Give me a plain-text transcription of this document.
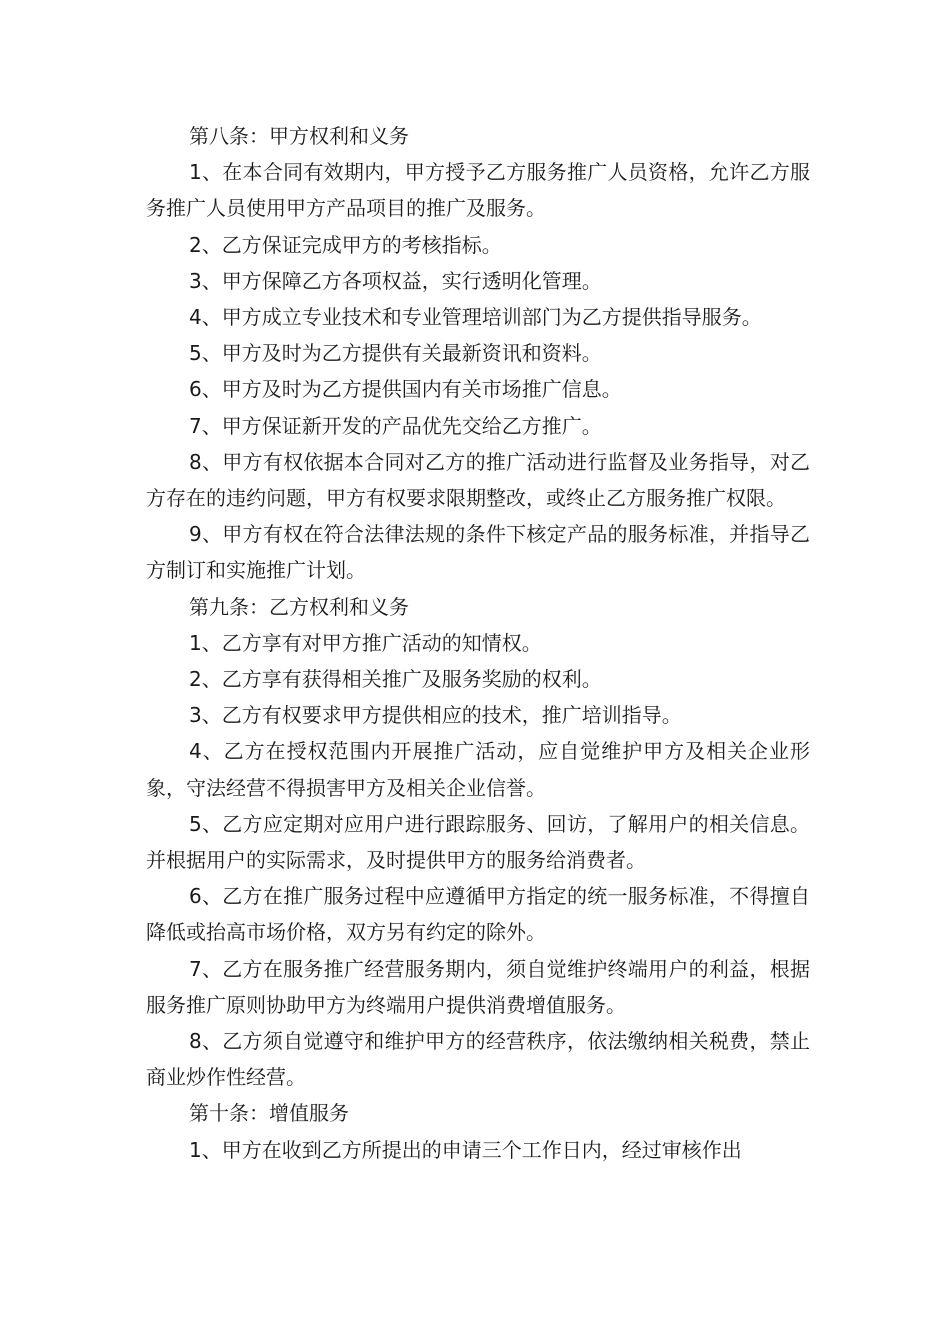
第八条：甲方权利和义务

1、在本合同有效期内，甲方授予乙方服务推广人员资格，允许乙方服务推广人员使用甲方产品项目的推广及服务。

2、乙方保证完成甲方的考核指标。

3、甲方保障乙方各项权益，实行透明化管理。

4、甲方成立专业技术和专业管理培训部门为乙方提供指导服务。

5、甲方及时为乙方提供有关最新资讯和资料。

6、甲方及时为乙方提供国内有关市场推广信息。

7、甲方保证新开发的产品优先交给乙方推广。

8、甲方有权依据本合同对乙方的推广活动进行监督及业务指导，对乙方存在的违约问题，甲方有权要求限期整改，或终止乙方服务推广权限。

9、甲方有权在符合法律法规的条件下核定产品的服务标准，并指导乙方制订和实施推广计划。

第九条：乙方权利和义务

1、乙方享有对甲方推广活动的知情权。

2、乙方享有获得相关推广及服务奖励的权利。

3、乙方有权要求甲方提供相应的技术，推广培训指导。

4、乙方在授权范围内开展推广活动，应自觉维护甲方及相关企业形象，守法经营不得损害甲方及相关企业信誉。

5、乙方应定期对应用户进行跟踪服务、回访，了解用户的相关信息。并根据用户的实际需求，及时提供甲方的服务给消费者。

6、乙方在推广服务过程中应遵循甲方指定的统一服务标准，不得擅自降低或抬高市场价格，双方另有约定的除外。

7、乙方在服务推广经营服务期内，须自觉维护终端用户的利益，根据服务推广原则协助甲方为终端用户提供消费增值服务。

8、乙方须自觉遵守和维护甲方的经营秩序，依法缴纳相关税费，禁止商业炒作性经营。

第十条：增值服务

1、甲方在收到乙方所提出的申请三个工作日内，经过审核作出
